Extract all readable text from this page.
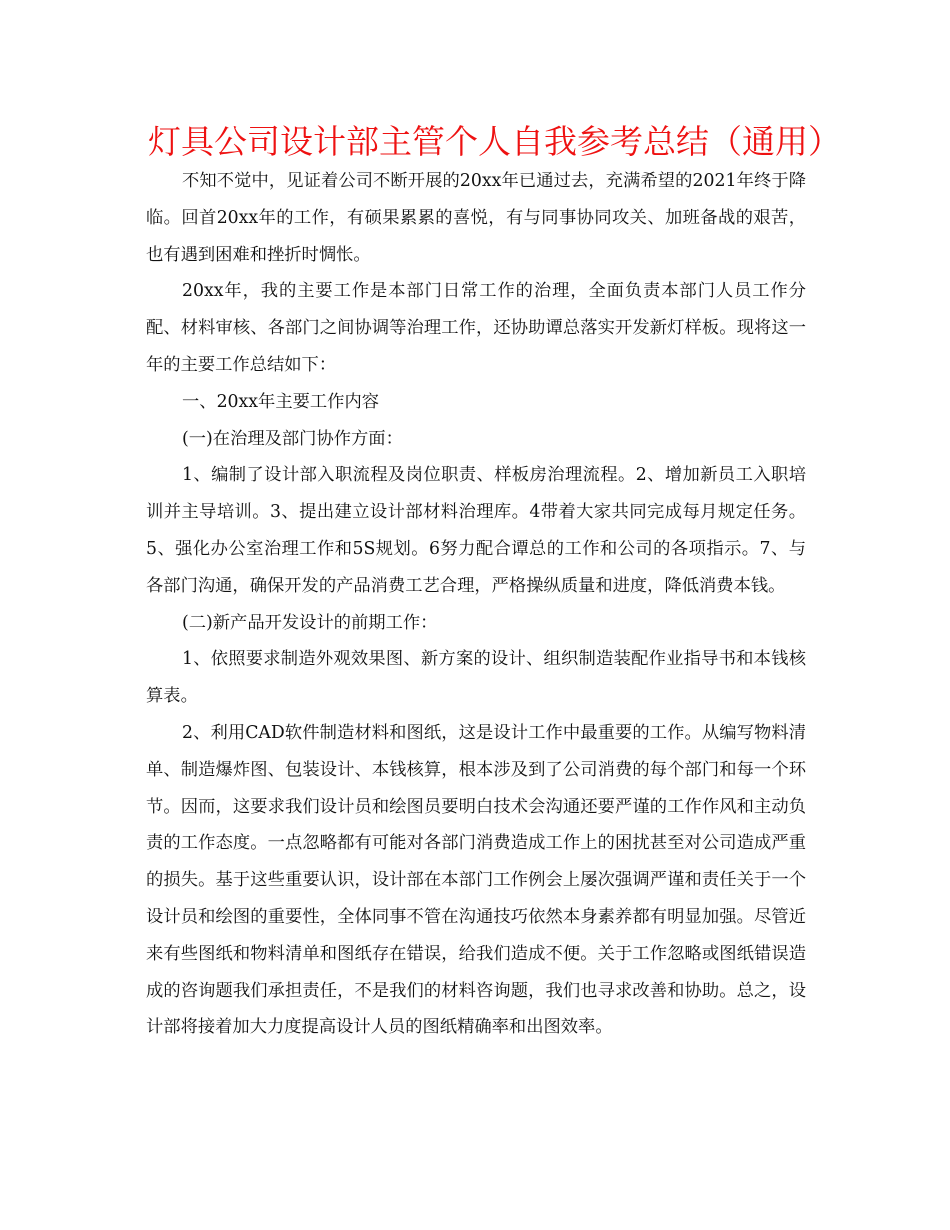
灯具公司设计部主管个人自我参考总结（通用）

不知不觉中，见证着公司不断开展的20xx年已通过去，充满希望的2021年终于降临。回首20xx年的工作，有硕果累累的喜悦，有与同事协同攻关、加班备战的艰苦，也有遇到困难和挫折时惆怅。

20xx年，我的主要工作是本部门日常工作的治理，全面负责本部门人员工作分配、材料审核、各部门之间协调等治理工作，还协助谭总落实开发新灯样板。现将这一年的主要工作总结如下：

一、20xx年主要工作内容

(一)在治理及部门协作方面：

1、编制了设计部入职流程及岗位职责、样板房治理流程。2、增加新员工入职培训并主导培训。3、提出建立设计部材料治理库。4带着大家共同完成每月规定任务。5、强化办公室治理工作和5S规划。6努力配合谭总的工作和公司的各项指示。7、与各部门沟通，确保开发的产品消费工艺合理，严格操纵质量和进度，降低消费本钱。

(二)新产品开发设计的前期工作：

1、依照要求制造外观效果图、新方案的设计、组织制造装配作业指导书和本钱核算表。

2、利用CAD软件制造材料和图纸，这是设计工作中最重要的工作。从编写物料清单、制造爆炸图、包装设计、本钱核算，根本涉及到了公司消费的每个部门和每一个环节。因而，这要求我们设计员和绘图员要明白技术会沟通还要严谨的工作作风和主动负责的工作态度。一点忽略都有可能对各部门消费造成工作上的困扰甚至对公司造成严重的损失。基于这些重要认识，设计部在本部门工作例会上屡次强调严谨和责任关于一个设计员和绘图的重要性，全体同事不管在沟通技巧依然本身素养都有明显加强。尽管近来有些图纸和物料清单和图纸存在错误，给我们造成不便。关于工作忽略或图纸错误造成的咨询题我们承担责任，不是我们的材料咨询题，我们也寻求改善和协助。总之，设计部将接着加大力度提高设计人员的图纸精确率和出图效率。
